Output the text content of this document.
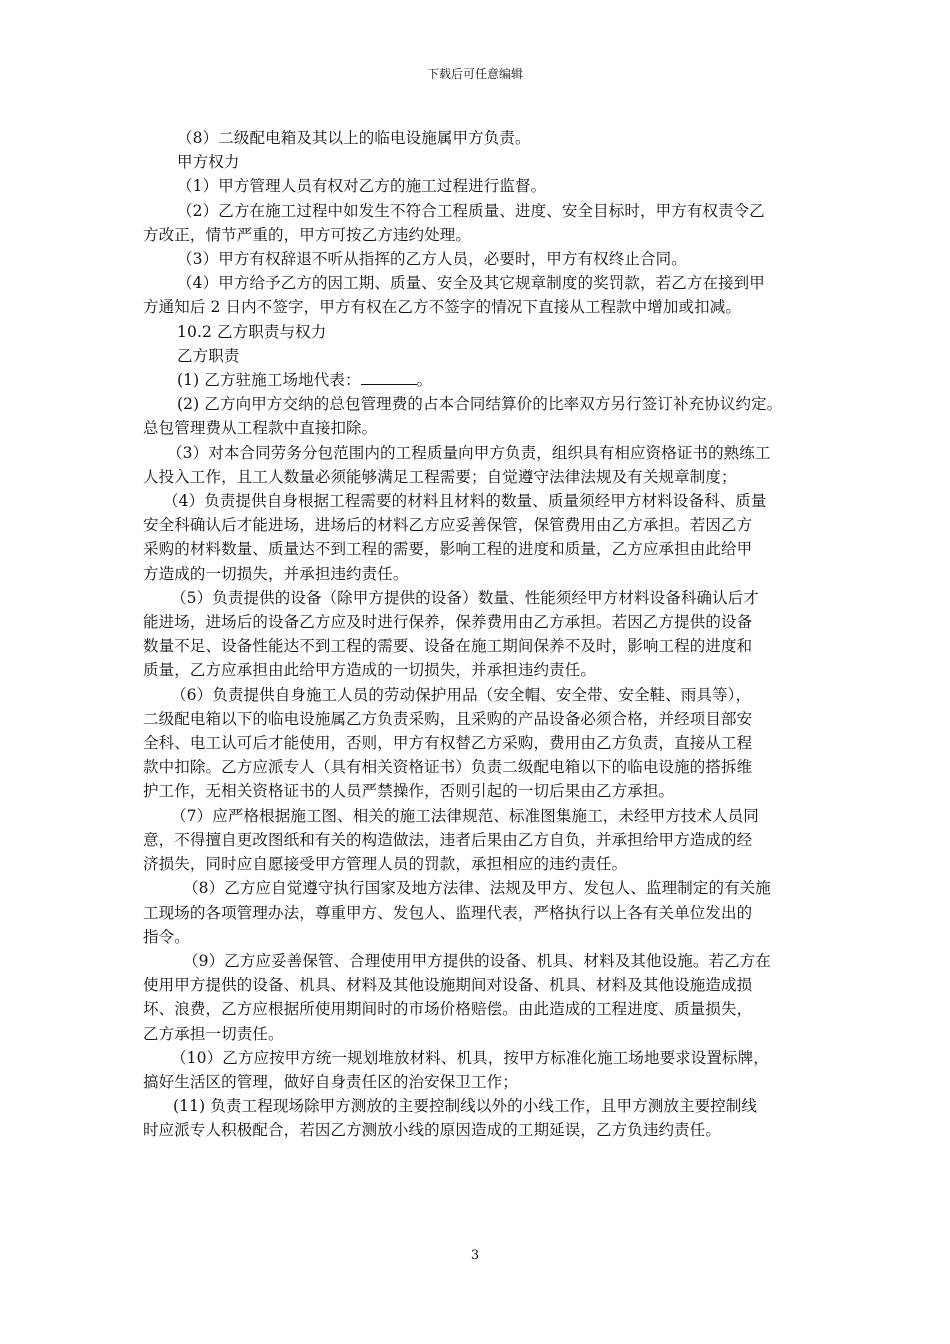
下载后可任意编辑

（8）二级配电箱及其以上的临电设施属甲方负责。

甲方权力

（1）甲方管理人员有权对乙方的施工过程进行监督。

（2）乙方在施工过程中如发生不符合工程质量、进度、安全目标时，甲方有权责令乙

方改正，情节严重的，甲方可按乙方违约处理。

（3）甲方有权辞退不听从指挥的乙方人员，必要时，甲方有权终止合同。

（4）甲方给予乙方的因工期、质量、安全及其它规章制度的奖罚款，若乙方在接到甲

方通知后 2 日内不签字，甲方有权在乙方不签字的情况下直接从工程款中增加或扣减。

10.2 乙方职责与权力

乙方职责

(1) 乙方驻施工场地代表：	。

(2) 乙方向甲方交纳的总包管理费的占本合同结算价的比率双方另行签订补充协议约定。

总包管理费从工程款中直接扣除。

（3）对本合同劳务分包范围内的工程质量向甲方负责，组织具有相应资格证书的熟练工

人投入工作，且工人数量必须能够满足工程需要；自觉遵守法律法规及有关规章制度；

（4）负责提供自身根据工程需要的材料且材料的数量、质量须经甲方材料设备科、质量

安全科确认后才能进场，进场后的材料乙方应妥善保管，保管费用由乙方承担。若因乙方

采购的材料数量、质量达不到工程的需要，影响工程的进度和质量，乙方应承担由此给甲

方造成的一切损失，并承担违约责任。

（5）负责提供的设备（除甲方提供的设备）数量、性能须经甲方材料设备科确认后才

能进场，进场后的设备乙方应及时进行保养，保养费用由乙方承担。若因乙方提供的设备

数量不足、设备性能达不到工程的需要、设备在施工期间保养不及时，影响工程的进度和

质量，乙方应承担由此给甲方造成的一切损失，并承担违约责任。

（6）负责提供自身施工人员的劳动保护用品（安全帽、安全带、安全鞋、雨具等），

二级配电箱以下的临电设施属乙方负责采购，且采购的产品设备必须合格，并经项目部安

全科、电工认可后才能使用，否则，甲方有权替乙方采购，费用由乙方负责，直接从工程

款中扣除。乙方应派专人（具有相关资格证书）负责二级配电箱以下的临电设施的搭拆维

护工作，无相关资格证书的人员严禁操作，否则引起的一切后果由乙方承担。

（7）应严格根据施工图、相关的施工法律规范、标准图集施工，未经甲方技术人员同

意，不得擅自更改图纸和有关的构造做法，违者后果由乙方自负，并承担给甲方造成的经

济损失，同时应自愿接受甲方管理人员的罚款，承担相应的违约责任。

（8）乙方应自觉遵守执行国家及地方法律、法规及甲方、发包人、监理制定的有关施

工现场的各项管理办法，尊重甲方、发包人、监理代表，严格执行以上各有关单位发出的

指令。

（9）乙方应妥善保管、合理使用甲方提供的设备、机具、材料及其他设施。若乙方在

使用甲方提供的设备、机具、材料及其他设施期间对设备、机具、材料及其他设施造成损

坏、浪费，乙方应根据所使用期间时的市场价格赔偿。由此造成的工程进度、质量损失，

乙方承担一切责任。

（10）乙方应按甲方统一规划堆放材料、机具，按甲方标准化施工场地要求设置标牌，

搞好生活区的管理，做好自身责任区的治安保卫工作；

(11) 负责工程现场除甲方测放的主要控制线以外的小线工作，且甲方测放主要控制线

时应派专人积极配合，若因乙方测放小线的原因造成的工期延误，乙方负违约责任。

3
